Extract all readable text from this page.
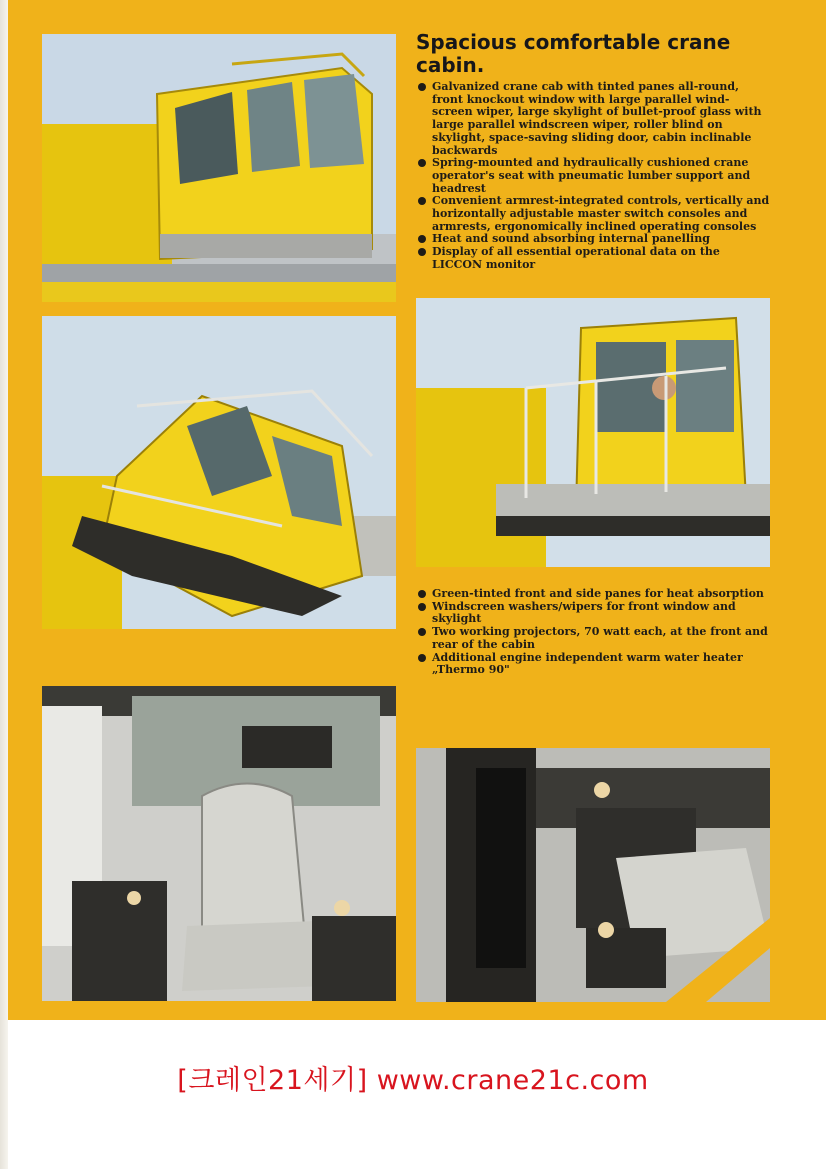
Spacious comfortable crane cabin.
Galvanized crane cab with tinted panes all-round, front knockout window with large parallel wind- screen wiper, large skylight of bullet-proof glass with large parallel windscreen wiper, roller blind on skylight, space-saving sliding door, cabin inclinable backwards
Spring-mounted and hydraulically cushioned crane operator's seat with pneumatic lumber support and headrest
Convenient armrest-integrated controls, vertically and horizontally adjustable master switch consoles and armrests, ergonomically inclined operating consoles
Heat and sound absorbing internal panelling
Display of all essential operational data on the LICCON monitor
Green-tinted front and side panes for heat absorption
Windscreen washers/wipers for front window and skylight
Two working projectors, 70 watt each, at the front and rear of the cabin
Additional engine independent warm water heater „Thermo 90"
[크레인21세기] www.crane21c.com
